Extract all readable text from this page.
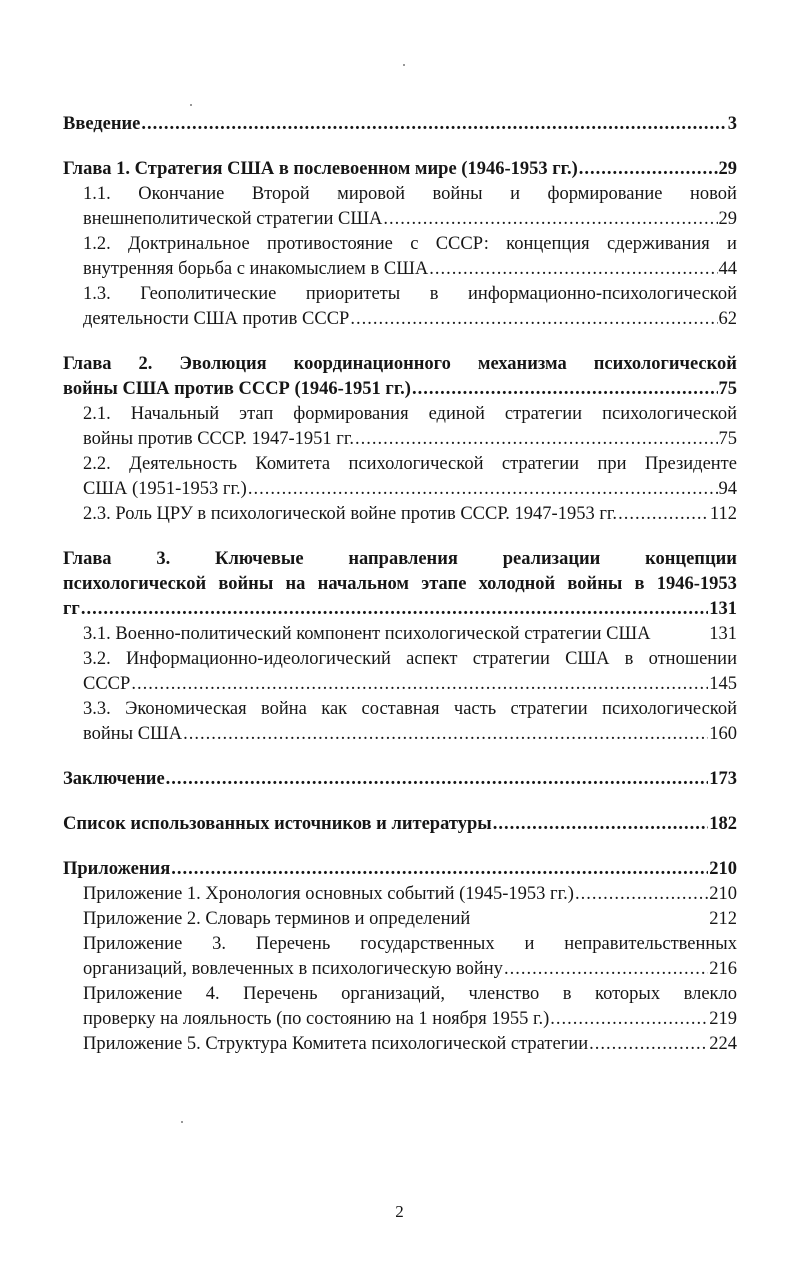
Введение .....	3
Глава 1. Стратегия США в послевоенном мире (1946-1953 гг.) .....	29
1.1. Окончание Второй мировой войны и формирование новой
внешнеполитической стратегии США .....	29
1.2. Доктринальное противостояние с СССР: концепция сдерживания и
внутренняя борьба с инакомыслием в США .....	44
1.3. Геополитические приоритеты в информационно-психологической
деятельности США против СССР .....	62
Глава 2. Эволюция координационного механизма психологической
войны США против СССР (1946-1951 гг.) .....	75
2.1. Начальный этап формирования единой стратегии психологической
войны против СССР. 1947-1951 гг. .....	75
2.2. Деятельность Комитета психологической стратегии при Президенте
США (1951-1953 гг.) .....	94
2.3. Роль ЦРУ в психологической войне против СССР. 1947-1953 гг. .....	112
Глава 3. Ключевые направления реализации концепции
психологической войны на начальном этапе холодной войны в 1946-1953
гг .....	131
3.1. Военно-политический компонент психологической стратегии США	131
3.2. Информационно-идеологический аспект стратегии США в отношении
СССР .....	145
3.3. Экономическая война как составная часть стратегии психологической
войны США .....	160
Заключение .....	173
Список использованных источников и литературы .....	182
Приложения .....	210
Приложение 1. Хронология основных событий (1945-1953 гг.) .....	210
Приложение 2. Словарь терминов и определений	212
Приложение 3. Перечень государственных и неправительственных
организаций, вовлеченных в психологическую войну .....	216
Приложение 4. Перечень организаций, членство в которых влекло
проверку на лояльность (по состоянию на 1 ноября 1955 г.) .....	219
Приложение 5. Структура Комитета психологической стратегии .....	224
2
